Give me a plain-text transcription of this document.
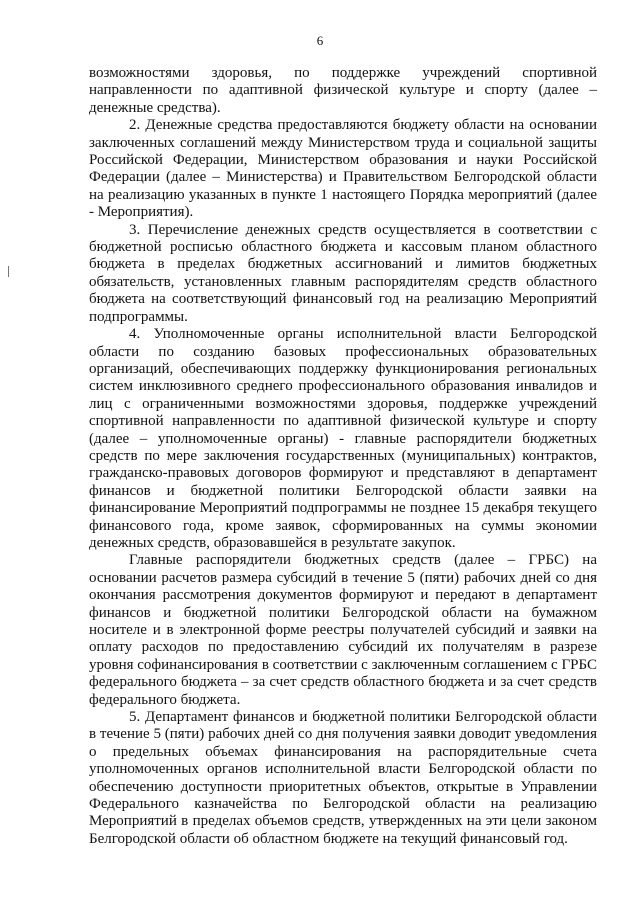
6

возможностями здоровья, по поддержке учреждений спортивной направленности по адаптивной физической культуре и спорту (далее – денежные средства).

2. Денежные средства предоставляются бюджету области на основании заключенных соглашений между Министерством труда и социальной защиты Российской Федерации, Министерством образования и науки Российской Федерации (далее – Министерства) и Правительством Белгородской области на реализацию указанных в пункте 1 настоящего Порядка мероприятий (далее - Мероприятия).

3. Перечисление денежных средств осуществляется в соответствии с бюджетной росписью областного бюджета и кассовым планом областного бюджета в пределах бюджетных ассигнований и лимитов бюджетных обязательств, установленных главным распорядителям средств областного бюджета на соответствующий финансовый год на реализацию Мероприятий подпрограммы.

4. Уполномоченные органы исполнительной власти Белгородской области по созданию базовых профессиональных образовательных организаций, обеспечивающих поддержку функционирования региональных систем инклюзивного среднего профессионального образования инвалидов и лиц с ограниченными возможностями здоровья, поддержке учреждений спортивной направленности по адаптивной физической культуре и спорту (далее – уполномоченные органы) - главные распорядители бюджетных средств по мере заключения государственных (муниципальных) контрактов, гражданско-правовых договоров формируют и представляют в департамент финансов и бюджетной политики Белгородской области заявки на финансирование Мероприятий подпрограммы не позднее 15 декабря текущего финансового года, кроме заявок, сформированных на суммы экономии денежных средств, образовавшейся в результате закупок.

Главные распорядители бюджетных средств (далее – ГРБС) на основании расчетов размера субсидий в течение 5 (пяти) рабочих дней со дня окончания рассмотрения документов формируют и передают в департамент финансов и бюджетной политики Белгородской области на бумажном носителе и в электронной форме реестры получателей субсидий и заявки на оплату расходов по предоставлению субсидий их получателям в разрезе уровня софинансирования в соответствии с заключенным соглашением с ГРБС федерального бюджета – за счет средств областного бюджета и за счет средств федерального бюджета.

5. Департамент финансов и бюджетной политики Белгородской области в течение 5 (пяти) рабочих дней со дня получения заявки доводит уведомления о предельных объемах финансирования на распорядительные счета уполномоченных органов исполнительной власти Белгородской области по обеспечению доступности приоритетных объектов, открытые в Управлении Федерального казначейства по Белгородской области на реализацию Мероприятий в пределах объемов средств, утвержденных на эти цели законом Белгородской области об областном бюджете на текущий финансовый год.
